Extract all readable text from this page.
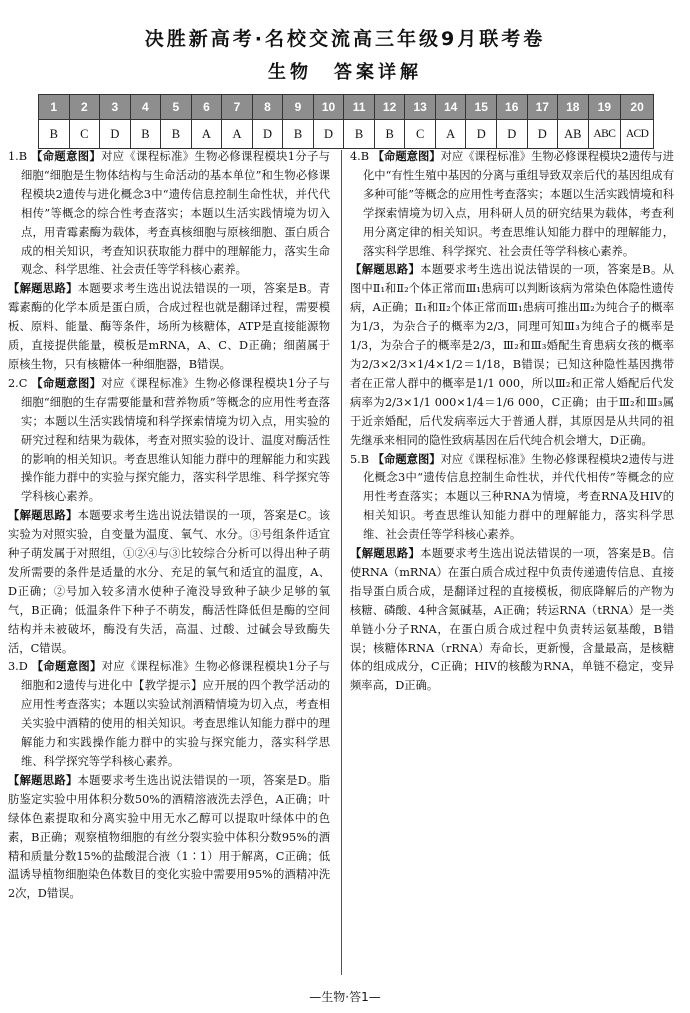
决胜新高考·名校交流高三年级9月联考卷
生物　答案详解
1	2	3	4	5	6	7	8	9	10	11	12	13	14	15	16	17	18	19	20
B	C	D	B	B	A	A	D	B	D	B	B	C	A	D	D	D	AB	ABC	ACD

1.B 【命题意图】对应《课程标准》生物必修课程模块1分子与细胞“细胞是生物体结构与生命活动的基本单位”和生物必修课程模块2遗传与进化概念3中“遗传信息控制生命性状，并代代相传”等概念的综合性考查落实；本题以生活实践情境为切入点，用青霉素酶为载体，考查真核细胞与原核细胞、蛋白质合成的相关知识，考查知识获取能力群中的理解能力，落实生命观念、科学思维、社会责任等学科核心素养。

【解题思路】本题要求考生选出说法错误的一项，答案是B。青霉素酶的化学本质是蛋白质，合成过程也就是翻译过程，需要模板、原料、能量、酶等条件，场所为核糖体，ATP是直接能源物质，直接提供能量，模板是mRNA，A、C、D正确；细菌属于原核生物，只有核糖体一种细胞器，B错误。

2.C 【命题意图】对应《课程标准》生物必修课程模块1分子与细胞“细胞的生存需要能量和营养物质”等概念的应用性考查落实；本题以生活实践情境和科学探索情境为切入点，用实验的研究过程和结果为载体，考查对照实验的设计、温度对酶活性的影响的相关知识。考查思维认知能力群中的理解能力和实践操作能力群中的实验与探究能力，落实科学思维、科学探究等学科核心素养。

【解题思路】本题要求考生选出说法错误的一项，答案是C。该实验为对照实验，自变量为温度、氧气、水分。③号组条件适宜种子萌发属于对照组，①②④与③比较综合分析可以得出种子萌发所需要的条件是适量的水分、充足的氧气和适宜的温度，A、D正确；②号加入较多清水使种子淹没导致种子缺少足够的氧气，B正确；低温条件下种子不萌发，酶活性降低但是酶的空间结构并未被破坏，酶没有失活，高温、过酸、过碱会导致酶失活，C错误。

3.D 【命题意图】对应《课程标准》生物必修课程模块1分子与细胞和2遗传与进化中【教学提示】应开展的四个教学活动的应用性考查落实；本题以实验试剂酒精情境为切入点，考查相关实验中酒精的使用的相关知识。考查思维认知能力群中的理解能力和实践操作能力群中的实验与探究能力，落实科学思维、科学探究等学科核心素养。

【解题思路】本题要求考生选出说法错误的一项，答案是D。脂肪鉴定实验中用体积分数50%的酒精溶液洗去浮色，A正确；叶绿体色素提取和分离实验中用无水乙醇可以提取叶绿体中的色素，B正确；观察植物细胞的有丝分裂实验中体积分数95%的酒精和质量分数15%的盐酸混合液（1∶1）用于解离，C正确；低温诱导植物细胞染色体数目的变化实验中需要用95%的酒精冲洗2次，D错误。

4.B 【命题意图】对应《课程标准》生物必修课程模块2遗传与进化中“有性生殖中基因的分离与重组导致双亲后代的基因组成有多种可能”等概念的应用性考查落实；本题以生活实践情境和科学探索情境为切入点，用科研人员的研究结果为载体，考查利用分离定律的相关知识。考查思维认知能力群中的理解能力，落实科学思维、科学探究、社会责任等学科核心素养。

【解题思路】本题要求考生选出说法错误的一项，答案是B。从图中Ⅱ₁和Ⅱ₂个体正常而Ⅲ₁患病可以判断该病为常染色体隐性遗传病，A正确；Ⅱ₁和Ⅱ₂个体正常而Ⅲ₁患病可推出Ⅲ₂为纯合子的概率为1/3，为杂合子的概率为2/3，同理可知Ⅲ₃为纯合子的概率是1/3，为杂合子的概率是2/3，Ⅲ₂和Ⅲ₃婚配生育患病女孩的概率为2/3×2/3×1/4×1/2＝1/18，B错误；已知这种隐性基因携带者在正常人群中的概率是1/1 000，所以Ⅲ₂和正常人婚配后代发病率为2/3×1/1 000×1/4＝1/6 000，C正确；由于Ⅲ₂和Ⅲ₃属于近亲婚配，后代发病率远大于普通人群，其原因是从共同的祖先继承来相同的隐性致病基因在后代纯合机会增大，D正确。

5.B 【命题意图】对应《课程标准》生物必修课程模块2遗传与进化概念3中“遗传信息控制生命性状，并代代相传”等概念的应用性考查落实；本题以三种RNA为情境，考查RNA及HIV的相关知识。考查思维认知能力群中的理解能力，落实科学思维、社会责任等学科核心素养。

【解题思路】本题要求考生选出说法错误的一项，答案是B。信使RNA（mRNA）在蛋白质合成过程中负责传递遗传信息、直接指导蛋白质合成，是翻译过程的直接模板，彻底降解后的产物为核糖、磷酸、4种含氮碱基，A正确；转运RNA（tRNA）是一类单链小分子RNA，在蛋白质合成过程中负责转运氨基酸，B错误；核糖体RNA（rRNA）寿命长，更新慢，含量最高，是核糖体的组成成分，C正确；HIV的核酸为RNA，单链不稳定，变异频率高，D正确。

—生物·答1—
